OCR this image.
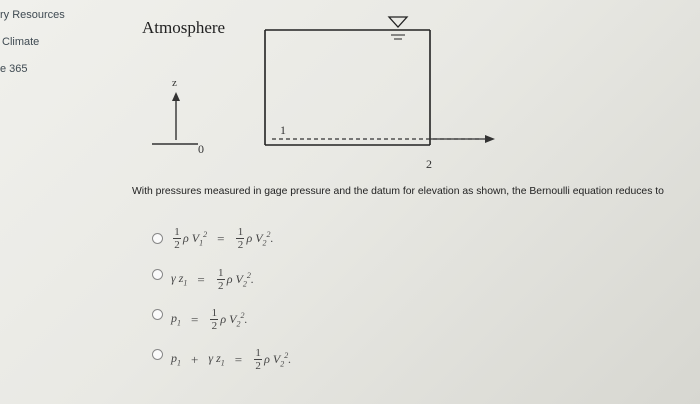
ry Resources
Climate
e 365
Atmosphere
z
0
1
2
With pressures measured in gage pressure and the datum for elevation as shown, the Bernoulli equation reduces to
$\frac{1}{2}$ ρ $V_1^2 = \frac{1}{2}$ ρ $V_2^2$.
γ $z_1 = \frac{1}{2}$ ρ $V_2^2$.
$p_1 = \frac{1}{2}$ ρ $V_2^2$.
$p_1 + \gamma$ $z_1 = \frac{1}{2}$ ρ $V_2^2$.
